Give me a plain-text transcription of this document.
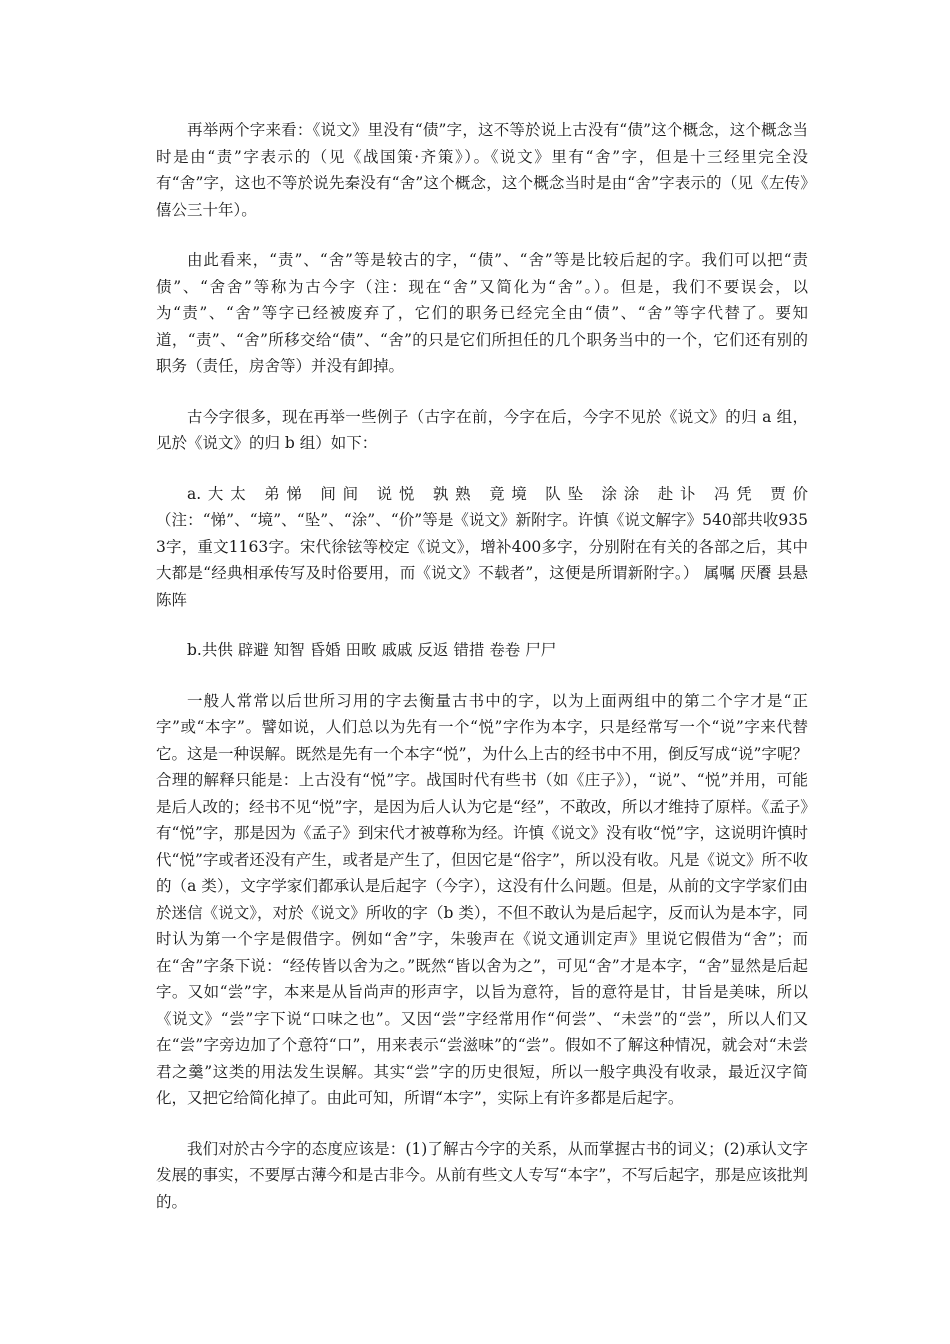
再举两个字来看：《说文》里没有“债”字，这不等於说上古没有“债”这个概念，这个概念当时是由“责”字表示的（见《战国策·齐策》）。《说文》里有“舍”字，但是十三经里完全没有“舍”字，这也不等於说先秦没有“舍”这个概念，这个概念当时是由“舍”字表示的（见《左传》僖公三十年）。

由此看来，“责”、“舍”等是较古的字，“债”、“舍”等是比较后起的字。我们可以把“责债”、“舍舍”等称为古今字（注：现在“舍”又简化为“舍”。）。但是，我们不要误会，以为“责”、“舍”等字已经被废弃了，它们的职务已经完全由“债”、“舍”等字代替了。要知道，“责”、“舍”所移交给“债”、“舍”的只是它们所担任的几个职务当中的一个，它们还有别的职务（责任，房舍等）并没有卸掉。

古今字很多，现在再举一些例子（古字在前，今字在后，今字不见於《说文》的归 a 组，见於《说文》的归 b 组）如下：

a.大太 弟悌 间间 说悦 孰熟 竟境 队坠 涂涂 赴讣 冯凭 贾价（注：“悌”、“境”、“坠”、“涂”、“价”等是《说文》新附字。许慎《说文解字》540部共收9353字，重文1163字。宋代徐铉等校定《说文》，增补400多字，分别附在有关的各部之后，其中大都是“经典相承传写及时俗要用，而《说文》不载者”，这便是所谓新附字。） 属嘱 厌餍 县悬 陈阵

b.共供 辟避 知智 昏婚 田畋 戚戚 反返 错措 卷卷 尸尸

一般人常常以后世所习用的字去衡量古书中的字，以为上面两组中的第二个字才是“正字”或“本字”。譬如说，人们总以为先有一个“悦”字作为本字，只是经常写一个“说”字来代替它。这是一种误解。既然是先有一个本字“悦”，为什么上古的经书中不用，倒反写成“说”字呢？合理的解释只能是：上古没有“悦”字。战国时代有些书（如《庄子》），“说”、“悦”并用，可能是后人改的；经书不见“悦”字，是因为后人认为它是“经”，不敢改，所以才维持了原样。《孟子》有“悦”字，那是因为《孟子》到宋代才被尊称为经。许慎《说文》没有收“悦”字，这说明许慎时代“悦”字或者还没有产生，或者是产生了，但因它是“俗字”，所以没有收。凡是《说文》所不收的（a 类），文字学家们都承认是后起字（今字），这没有什么问题。但是，从前的文字学家们由於迷信《说文》，对於《说文》所收的字（b 类），不但不敢认为是后起字，反而认为是本字，同时认为第一个字是假借字。例如“舍”字，朱骏声在《说文通训定声》里说它假借为“舍”；而在“舍”字条下说：“经传皆以舍为之。”既然“皆以舍为之”，可见“舍”才是本字，“舍”显然是后起字。又如“尝”字，本来是从旨尚声的形声字，以旨为意符，旨的意符是甘，甘旨是美味，所以《说文》“尝”字下说“口味之也”。又因“尝”字经常用作“何尝”、“未尝”的“尝”，所以人们又在“尝”字旁边加了个意符“口”，用来表示“尝滋味”的“尝”。假如不了解这种情况，就会对“未尝君之羹”这类的用法发生误解。其实“尝”字的历史很短，所以一般字典没有收录，最近汉字简化，又把它给简化掉了。由此可知，所谓“本字”，实际上有许多都是后起字。

我们对於古今字的态度应该是：(1)了解古今字的关系，从而掌握古书的词义；(2)承认文字发展的事实，不要厚古薄今和是古非今。从前有些文人专写“本字”，不写后起字，那是应该批判的。
